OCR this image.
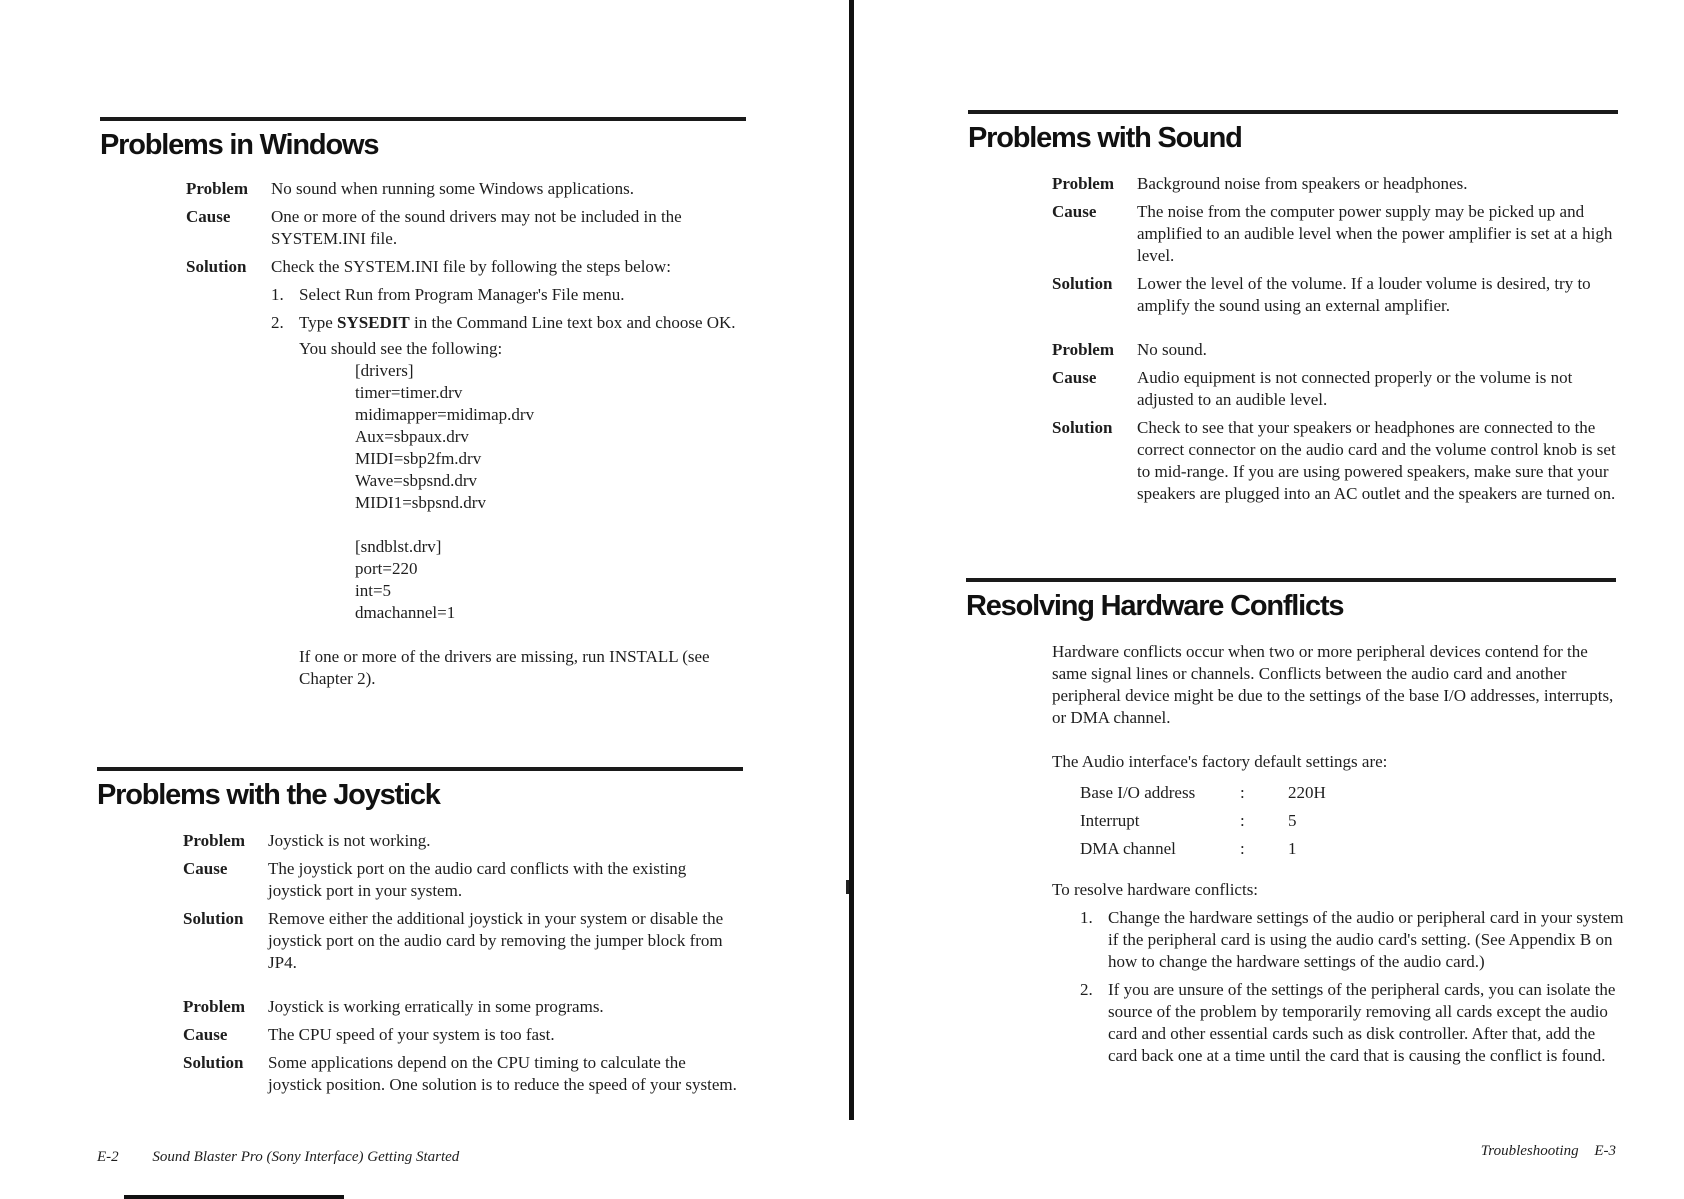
Problems in Windows
Problem	No sound when running some Windows applications.
Cause	One or more of the sound drivers may not be included in the SYSTEM.INI file.
Solution	Check the SYSTEM.INI file by following the steps below:
1. Select Run from Program Manager's File menu.
2. Type SYSEDIT in the Command Line text box and choose OK.
You should see the following:
[drivers]
timer=timer.drv
midimapper=midimap.drv
Aux=sbpaux.drv
MIDI=sbp2fm.drv
Wave=sbpsnd.drv
MIDI1=sbpsnd.drv
[sndblst.drv]
port=220
int=5
dmachannel=1
If one or more of the drivers are missing, run INSTALL (see Chapter 2).
Problems with the Joystick
Problem	Joystick is not working.
Cause	The joystick port on the audio card conflicts with the existing joystick port in your system.
Solution	Remove either the additional joystick in your system or disable the joystick port on the audio card by removing the jumper block from JP4.
Problem	Joystick is working erratically in some programs.
Cause	The CPU speed of your system is too fast.
Solution	Some applications depend on the CPU timing to calculate the joystick position. One solution is to reduce the speed of your system.
E-2 Sound Blaster Pro (Sony Interface) Getting Started
Problems with Sound
Problem	Background noise from speakers or headphones.
Cause	The noise from the computer power supply may be picked up and amplified to an audible level when the power amplifier is set at a high level.
Solution	Lower the level of the volume. If a louder volume is desired, try to amplify the sound using an external amplifier.
Problem	No sound.
Cause	Audio equipment is not connected properly or the volume is not adjusted to an audible level.
Solution	Check to see that your speakers or headphones are connected to the correct connector on the audio card and the volume control knob is set to mid-range. If you are using powered speakers, make sure that your speakers are plugged into an AC outlet and the speakers are turned on.
Resolving Hardware Conflicts
Hardware conflicts occur when two or more peripheral devices contend for the same signal lines or channels. Conflicts between the audio card and another peripheral device might be due to the settings of the base I/O addresses, interrupts, or DMA channel.
The Audio interface's factory default settings are:
Base I/O address	:	220H
Interrupt	:	5
DMA channel	:	1
To resolve hardware conflicts:
1. Change the hardware settings of the audio or peripheral card in your system if the peripheral card is using the audio card's setting. (See Appendix B on how to change the hardware settings of the audio card.)
2. If you are unsure of the settings of the peripheral cards, you can isolate the source of the problem by temporarily removing all cards except the audio card and other essential cards such as disk controller. After that, add the card back one at a time until the card that is causing the conflict is found.
Troubleshooting E-3
